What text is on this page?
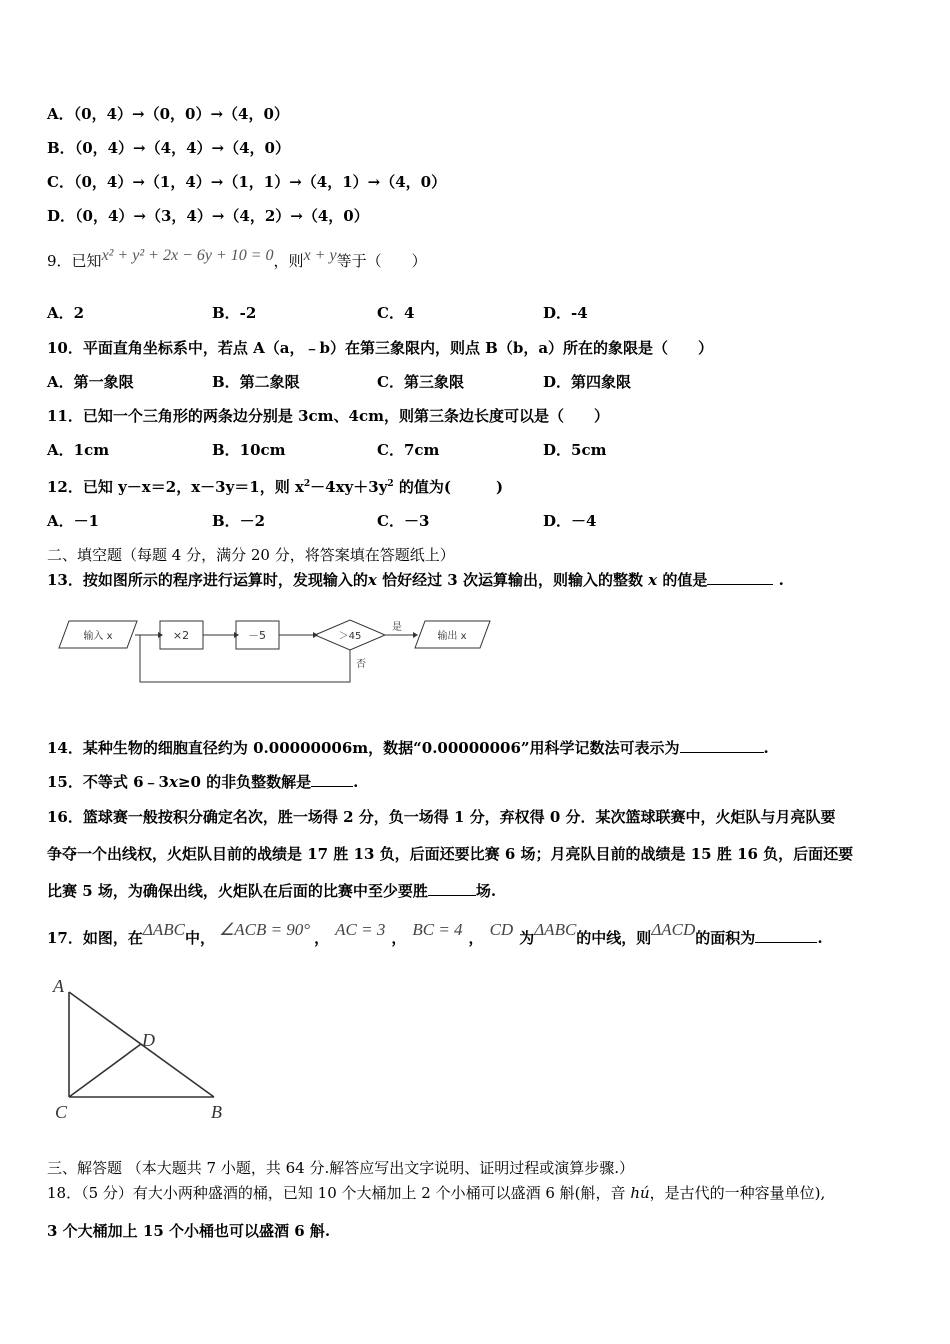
A．（0，4）→（0，0）→（4，0）
B．（0，4）→（4，4）→（4，0）
C．（0，4）→（1，4）→（1，1）→（4，1）→（4，0）
D．（0，4）→（3，4）→（4，2）→（4，0）
9．已知x² + y² + 2x − 6y + 10 = 0，则x + y等于（　　）
A．2	B．-2	C．4	D．-4
10．平面直角坐标系中，若点 A（a，﹣b）在第三象限内，则点 B（b，a）所在的象限是（　　）
A．第一象限	B．第二象限	C．第三象限	D．第四象限
11．已知一个三角形的两条边分别是 3cm、4cm，则第三条边长度可以是（　　）
A．1cm	B．10cm	C．7cm	D．5cm
12．已知 y－x＝2，x－3y＝1，则 $x^2-4xy+3y^2$ 的值为(　　　)
A．－1	B．－2	C．－3	D．－4
二、填空题（每题 4 分，满分 20 分，将答案填在答题纸上）
13．按如图所示的程序进行运算时，发现输入的x 恰好经过 3 次运算输出，则输入的整数 x 的值是	.
输入 x	×2	－5	＞45
是
输出 x
否
14．某种生物的细胞直径约为 0.00000006m，数据“0.00000006”用科学记数法可表示为	.
15．不等式 6﹣3x≥0 的非负整数解是	.
16．篮球赛一般按积分确定名次，胜一场得 2 分，负一场得 1 分，弃权得 0 分．某次篮球联赛中，火炬队与月亮队要
争夺一个出线权，火炬队目前的战绩是 17 胜 13 负，后面还要比赛 6 场；月亮队目前的战绩是 15 胜 16 负，后面还要
比赛 5 场，为确保出线，火炬队在后面的比赛中至少要胜	场.
17．如图，在ΔABC中， ∠ACB = 90° ， AC = 3 ， BC = 4 ， CD 为ΔABC的中线，则ΔACD的面积为	.
A
D
C	B
三、解答题 （本大题共 7 小题，共 64 分.解答应写出文字说明、证明过程或演算步骤.）
18．（5 分）有大小两种盛酒的桶，已知 10 个大桶加上 2 个小桶可以盛酒 6 斛(斛，音 hú，是古代的一种容量单位),
3 个大桶加上 15 个小桶也可以盛酒 6 斛.
